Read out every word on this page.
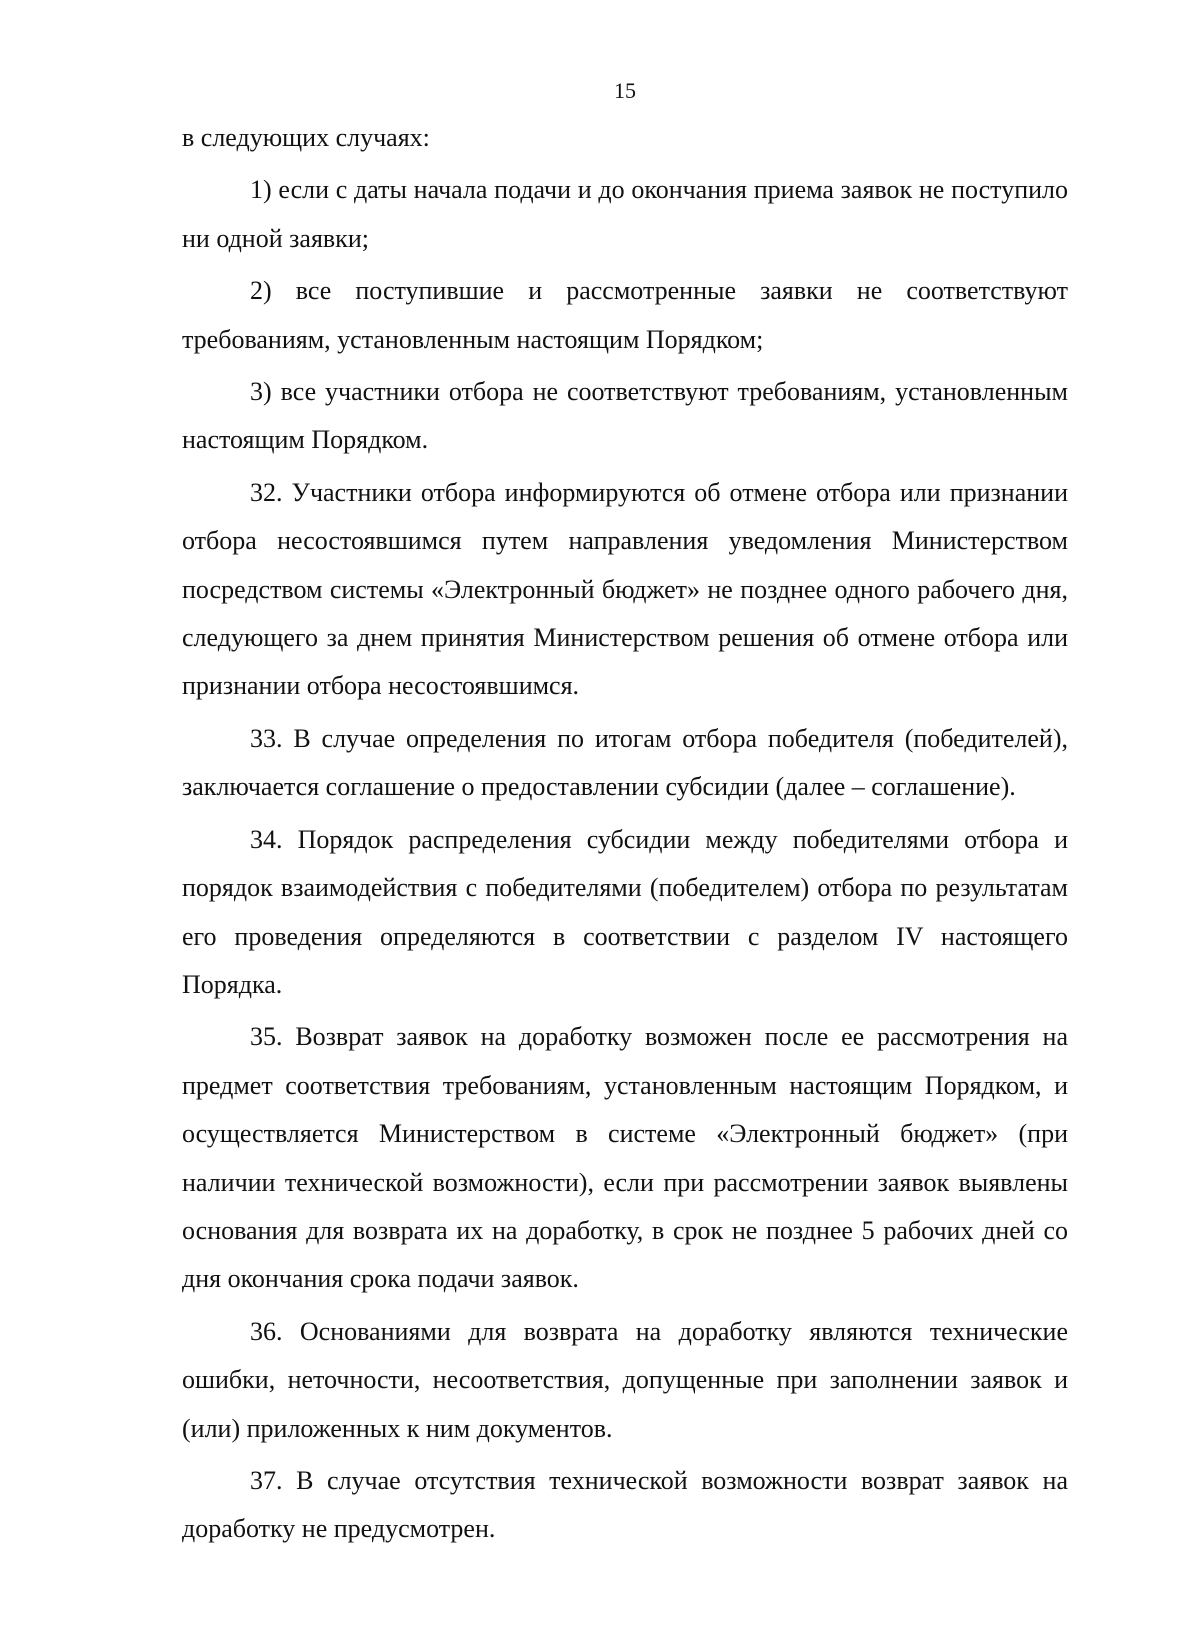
15

в следующих случаях:

1) если с даты начала подачи и до окончания приема заявок не поступило ни одной заявки;

2) все поступившие и рассмотренные заявки не соответствуют требованиям, установленным настоящим Порядком;

3) все участники отбора не соответствуют требованиям, установленным настоящим Порядком.

32. Участники отбора информируются об отмене отбора или признании отбора несостоявшимся путем направления уведомления Министерством посредством системы «Электронный бюджет» не позднее одного рабочего дня, следующего за днем принятия Министерством решения об отмене отбора или признании отбора несостоявшимся.

33. В случае определения по итогам отбора победителя (победителей), заключается соглашение о предоставлении субсидии (далее – соглашение).

34. Порядок распределения субсидии между победителями отбора и порядок взаимодействия с победителями (победителем) отбора по результатам его проведения определяются в соответствии с разделом IV настоящего Порядка.

35. Возврат заявок на доработку возможен после ее рассмотрения на предмет соответствия требованиям, установленным настоящим Порядком, и осуществляется Министерством в системе «Электронный бюджет» (при наличии технической возможности), если при рассмотрении заявок выявлены основания для возврата их на доработку, в срок не позднее 5 рабочих дней со дня окончания срока подачи заявок.

36. Основаниями для возврата на доработку являются технические ошибки, неточности, несоответствия, допущенные при заполнении заявок и (или) приложенных к ним документов.

37. В случае отсутствия технической возможности возврат заявок на доработку не предусмотрен.
